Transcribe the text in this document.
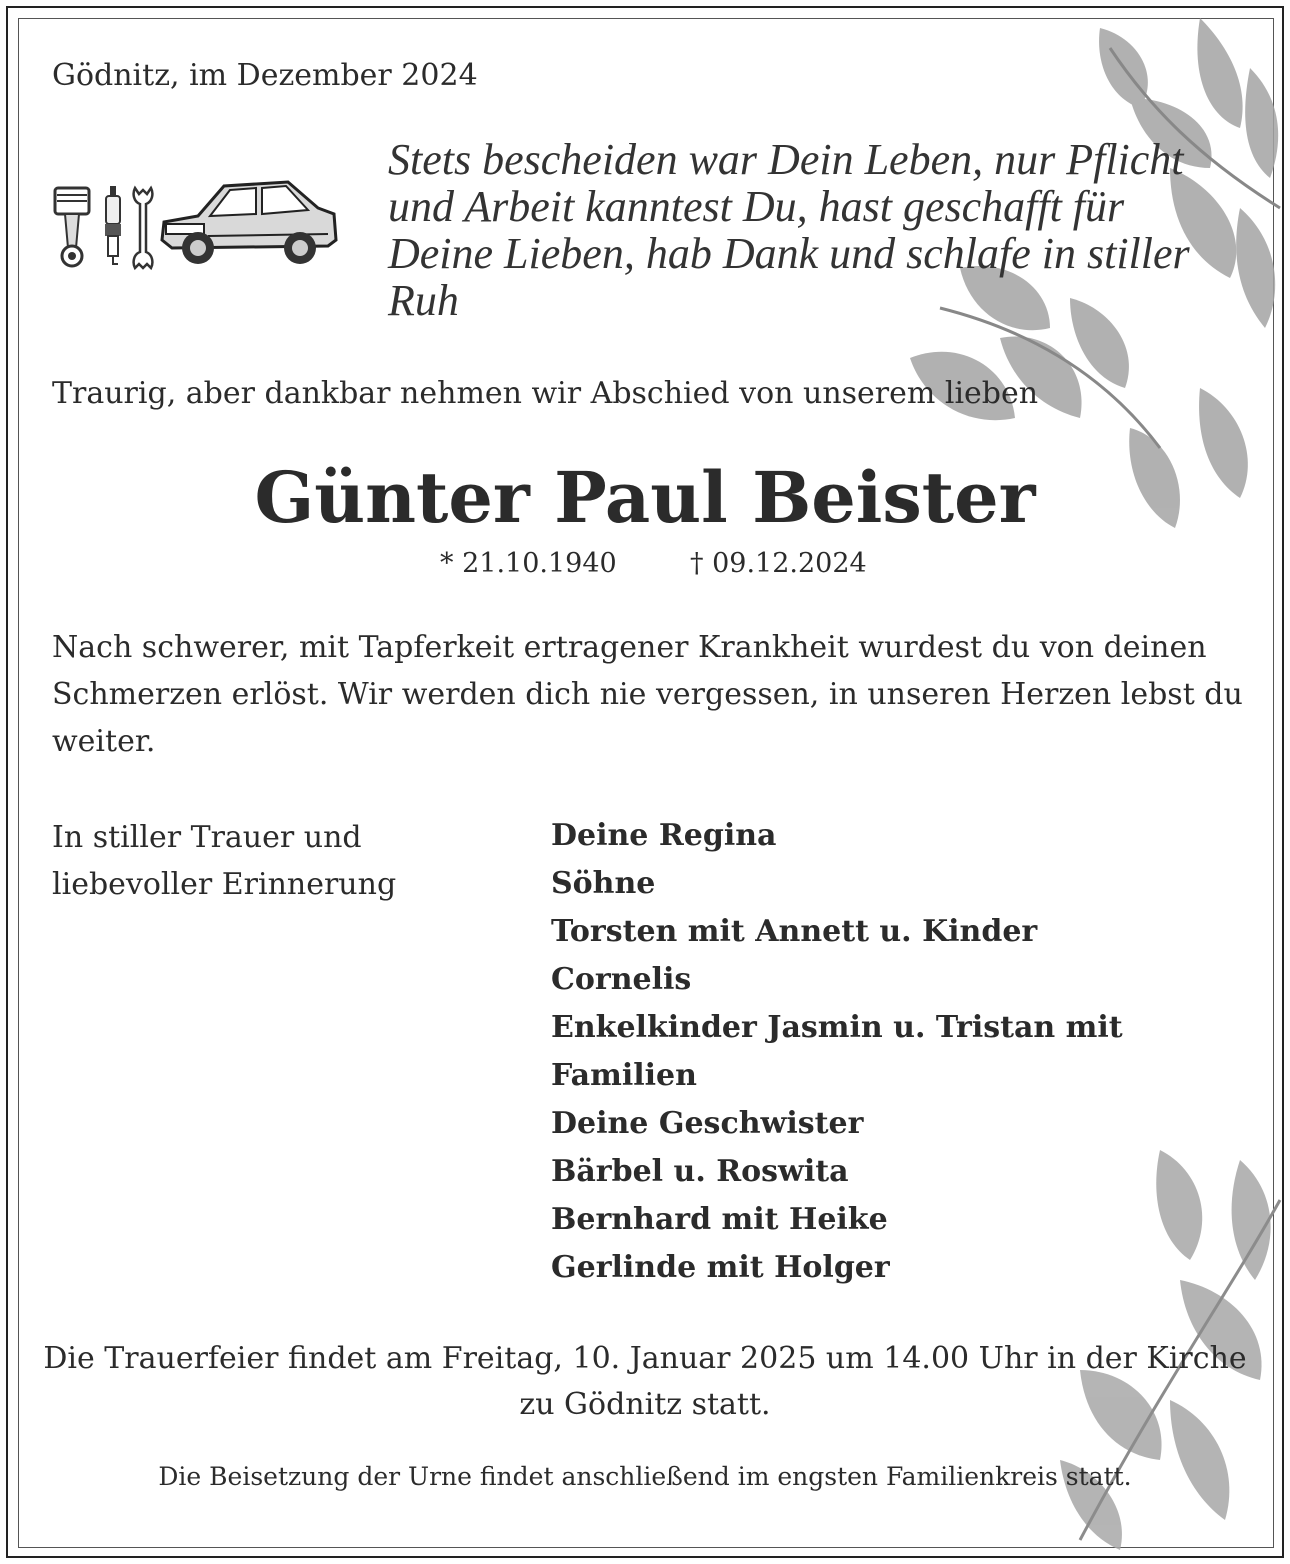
Gödnitz, im Dezember 2024

Stets bescheiden war Dein Leben, nur Pflicht
und Arbeit kanntest Du, hast geschafft für
Deine Lieben, hab Dank und schlafe in stiller
Ruh

Traurig, aber dankbar nehmen wir Abschied von unserem lieben

Günter Paul Beister

* 21.10.1940	† 09.12.2024

Nach schwerer, mit Tapferkeit ertragener Krankheit wurdest du von deinen
Schmerzen erlöst. Wir werden dich nie vergessen, in unseren Herzen lebst du
weiter.
In stiller Trauer und
liebevoller Erinnerung
Deine Regina
Söhne
Torsten mit Annett u. Kinder
Cornelis
Enkelkinder Jasmin u. Tristan mit
Familien
Deine Geschwister
Bärbel u. Roswita
Bernhard mit Heike
Gerlinde mit Holger
Die Trauerfeier findet am Freitag, 10. Januar 2025 um 14.00 Uhr in der Kirche
zu Gödnitz statt.

Die Beisetzung der Urne findet anschließend im engsten Familienkreis statt.
